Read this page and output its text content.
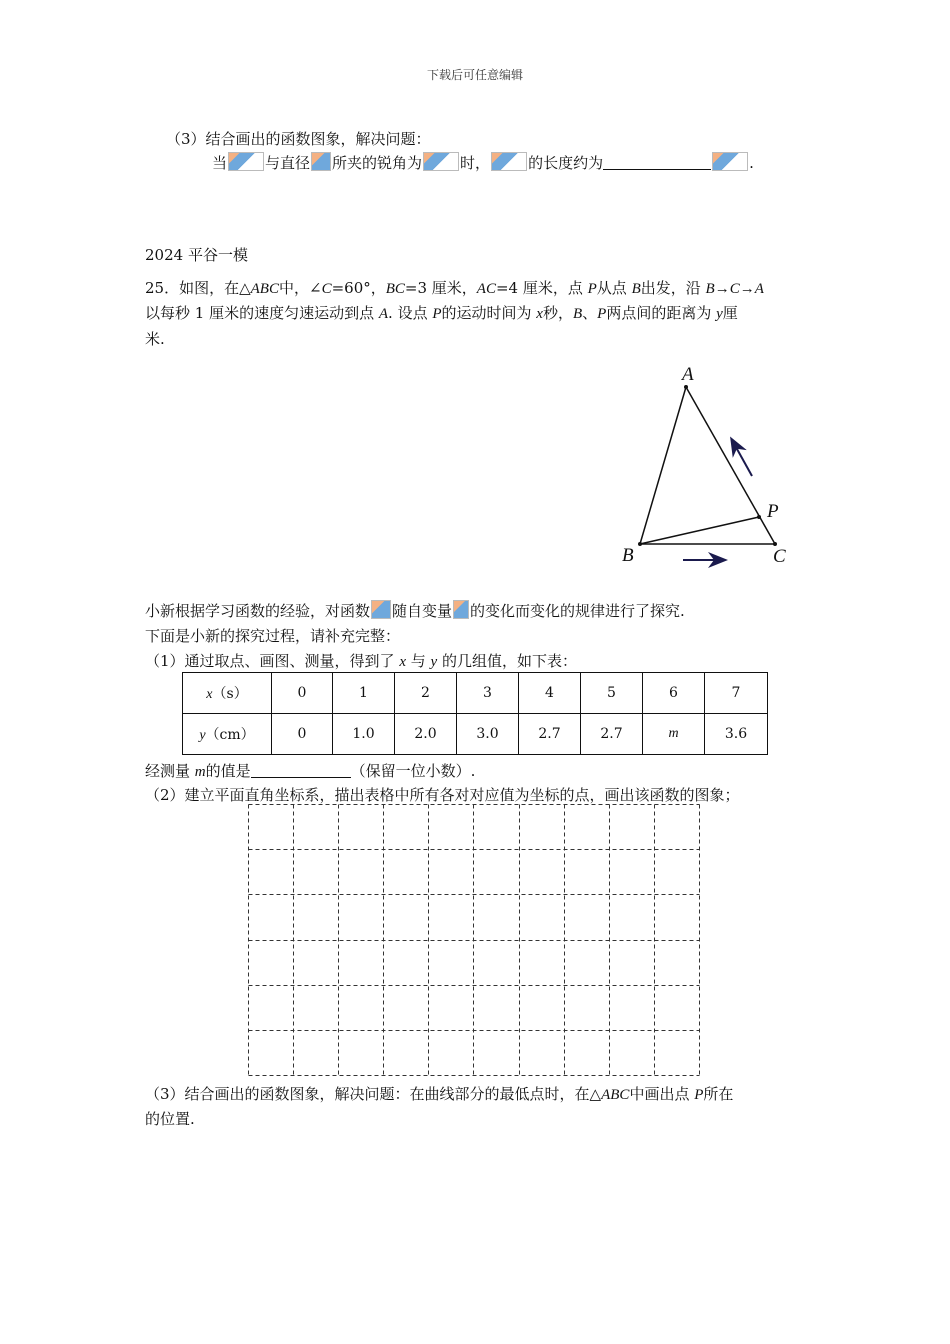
下载后可任意编辑
（3）结合画出的函数图象，解决问题：
当	与直径 所夹的锐角为	时，	的长度约为	.
2024 平谷一模
25．如图，在△ABC中，∠C=60°，BC=3 厘米，AC=4 厘米，点 P从点 B出发，沿 B→C→A
以每秒 1 厘米的速度匀速运动到点 A. 设点 P的运动时间为 x秒，B、P两点间的距离为 y厘
米.
A
B	C
P
小新根据学习函数的经验，对函数 随自变量 的变化而变化的规律进行了探究.
下面是小新的探究过程，请补充完整：
（1）通过取点、画图、测量，得到了 x 与 y 的几组值，如下表：
x（s）	0	1	2	3	4	5	6	7
y（cm）	0	1.0	2.0	3.0	2.7	2.7	m	3.6
经测量 m的值是	（保留一位小数）.
（2）建立平面直角坐标系，描出表格中所有各对对应值为坐标的点，画出该函数的图象；
（3）结合画出的函数图象，解决问题：在曲线部分的最低点时，在△ABC中画出点 P所在
的位置.
